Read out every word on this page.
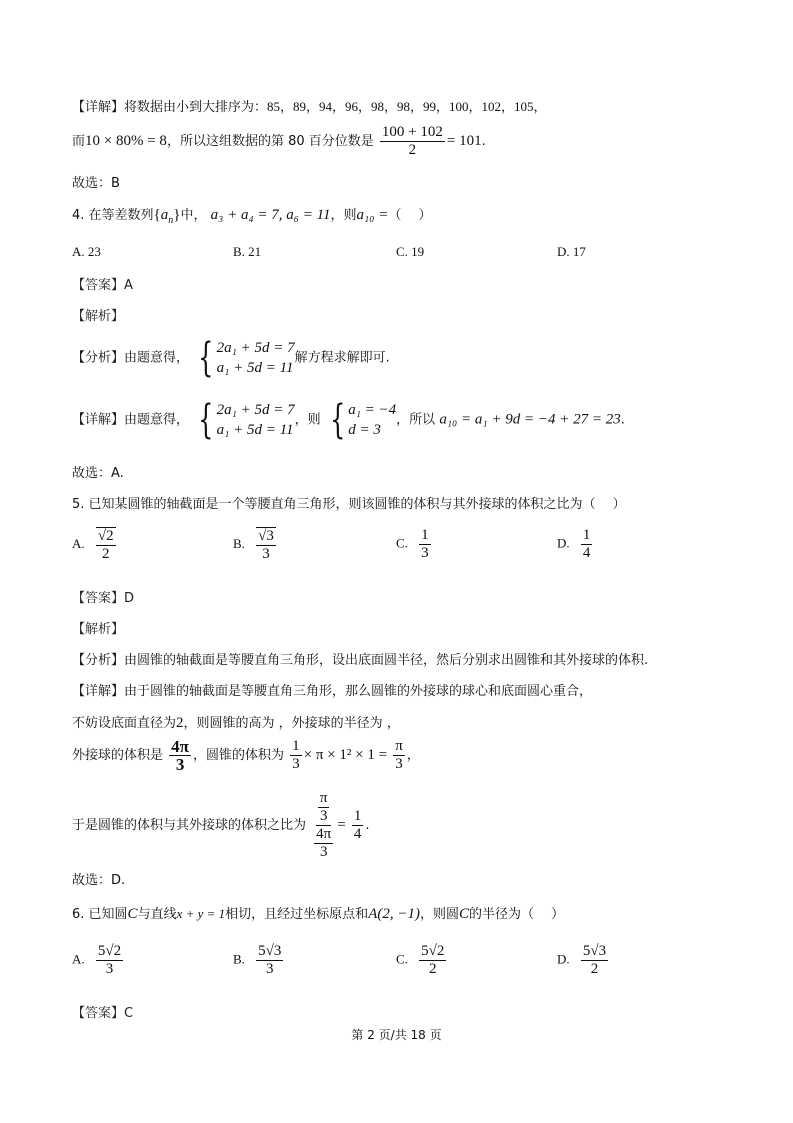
【详解】将数据由小到大排序为：85，89，94，96，98，98，99，100，102，105，
而10 × 80% = 8，所以这组数据的第 80 百分位数是 $\frac{100 + 102}{2} = 101$.
故选：B
4. 在等差数列$\{a_n\}$中， a₃ + a₄ = 7, a₆ = 11，则a₁₀ =（　 ）
A. 23	B. 21	C. 19	D. 17
【答案】A
【解析】
【分析】由题意得， { 2a₁ + 5d = 7
a₁ + 5d = 11
解方程求解即可.
【详解】由题意得， { 2a₁ + 5d = 7
a₁ + 5d = 11
，则 { a₁ = −4
d = 3
，所以 a₁₀ = a₁ + 9d = −4 + 27 = 23.
故选：A.
5. 已知某圆锥的轴截面是一个等腰直角三角形，则该圆锥的体积与其外接球的体积之比为（　 ）
A. $\frac{√2}{2}$	B. $\frac{√3}{3}$	C. $\frac{1}{3}$	D. $\frac{1}{4}$
【答案】D
【解析】
【分析】由圆锥的轴截面是等腰直角三角形，设出底面圆半径，然后分别求出圆锥和其外接球的体积.
【详解】由于圆锥的轴截面是等腰直角三角形，那么圆锥的外接球的球心和底面圆心重合，
不妨设底面直径为2，则圆锥的高为 ，外接球的半径为 ，
外接球的体积是 $\frac{4\pi}{3}$ ，圆锥的体积为 $\frac{1}{3} \times \pi \times 1^2 \times 1 = \frac{\pi}{3}$ ，
于是圆锥的体积与其外接球的体积之比为 $\frac{\frac{\pi}{3}}{\frac{4\pi}{3}} = \frac{1}{4}$ .
故选：D.
6. 已知圆C与直线x + y = 1相切，且经过坐标原点和A(2, −1)，则圆C的半径为（　 ）
A. $\frac{5√2}{3}$	B. $\frac{5√3}{3}$	C. $\frac{5√2}{2}$	D. $\frac{5√3}{2}$
【答案】C
第 2 页/共 18 页
